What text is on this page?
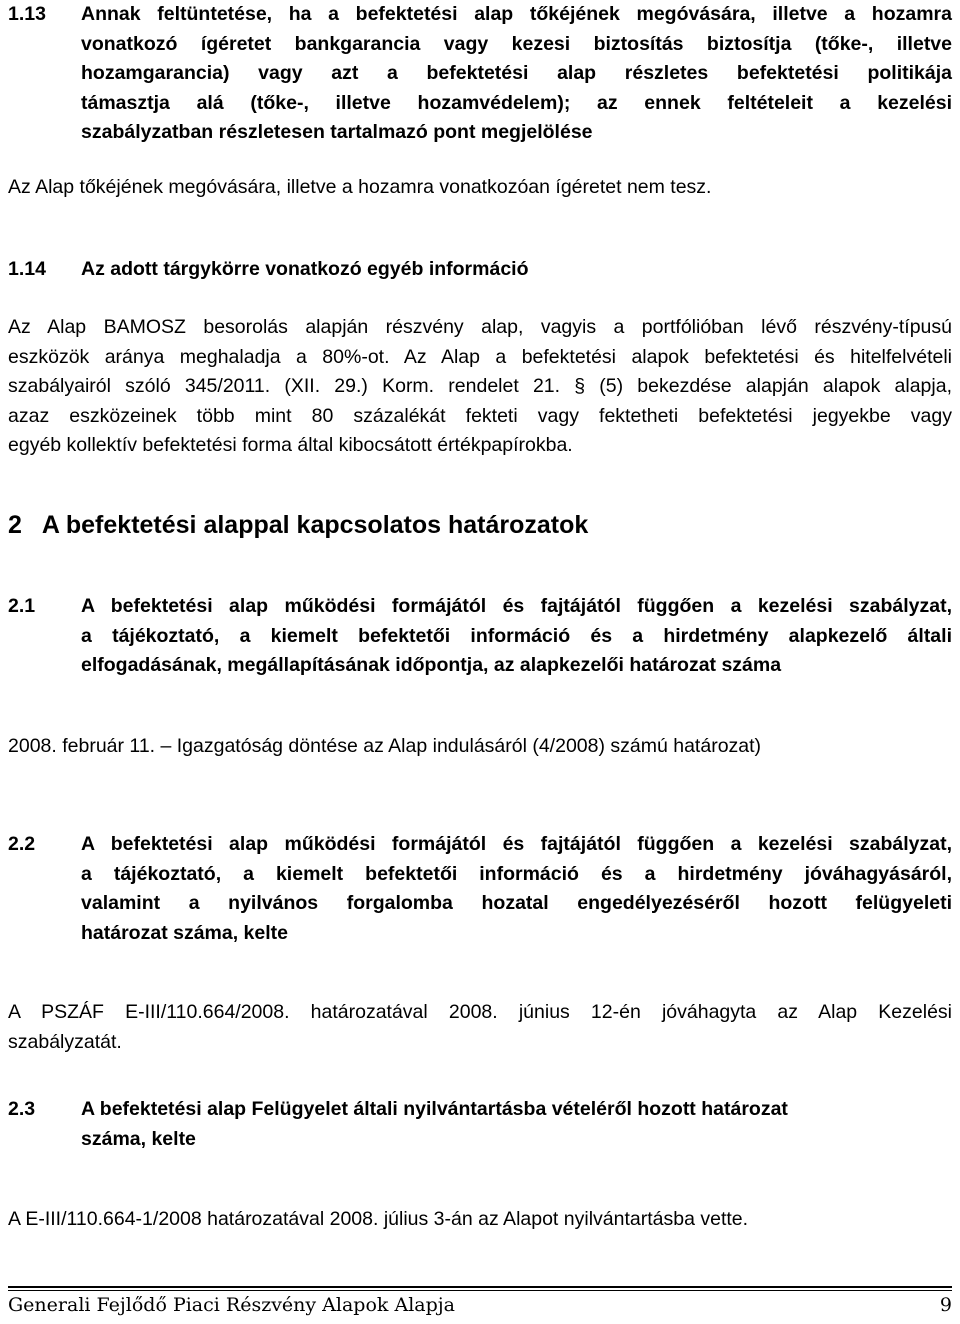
1.13 Annak feltüntetése, ha a befektetési alap tőkéjének megóvására, illetve a hozamra
vonatkozó ígéretet bankgarancia vagy kezesi biztosítás biztosítja (tőke-, illetve
hozamgarancia) vagy azt a befektetési alap részletes befektetési politikája
támasztja alá (tőke-, illetve hozamvédelem); az ennek feltételeit a kezelési
szabályzatban részletesen tartalmazó pont megjelölése
Az Alap tőkéjének megóvására, illetve a hozamra vonatkozóan ígéretet nem tesz.
1.14 Az adott tárgykörre vonatkozó egyéb információ
Az Alap BAMOSZ besorolás alapján részvény alap, vagyis a portfólióban lévő részvény-típusú
eszközök aránya meghaladja a 80%-ot. Az Alap a befektetési alapok befektetési és hitelfelvételi
szabályairól szóló 345/2011. (XII. 29.) Korm. rendelet 21. § (5) bekezdése alapján alapok alapja,
azaz eszközeinek több mint 80 százalékát fekteti vagy fektetheti befektetési jegyekbe vagy
egyéb kollektív befektetési forma által kibocsátott értékpapírokba.
2   A befektetési alappal kapcsolatos határozatok
2.1 A befektetési alap működési formájától és fajtájától függően a kezelési szabályzat,
a tájékoztató, a kiemelt befektetői információ és a hirdetmény alapkezelő általi
elfogadásának, megállapításának időpontja, az alapkezelői határozat száma
2008. február 11. – Igazgatóság döntése az Alap indulásáról (4/2008) számú határozat)
2.2 A befektetési alap működési formájától és fajtájától függően a kezelési szabályzat,
a tájékoztató, a kiemelt befektetői információ és a hirdetmény jóváhagyásáról,
valamint a nyilvános forgalomba hozatal engedélyezéséről hozott felügyeleti
határozat száma, kelte
A PSZÁF E-III/110.664/2008. határozatával 2008. június 12-én jóváhagyta az Alap Kezelési
szabályzatát.
2.3 A befektetési alap Felügyelet általi nyilvántartásba vételéről hozott határozat
száma, kelte
A E-III/110.664-1/2008 határozatával 2008. július 3-án az Alapot nyilvántartásba vette.
Generali Fejlődő Piaci Részvény Alapok Alapja	9
